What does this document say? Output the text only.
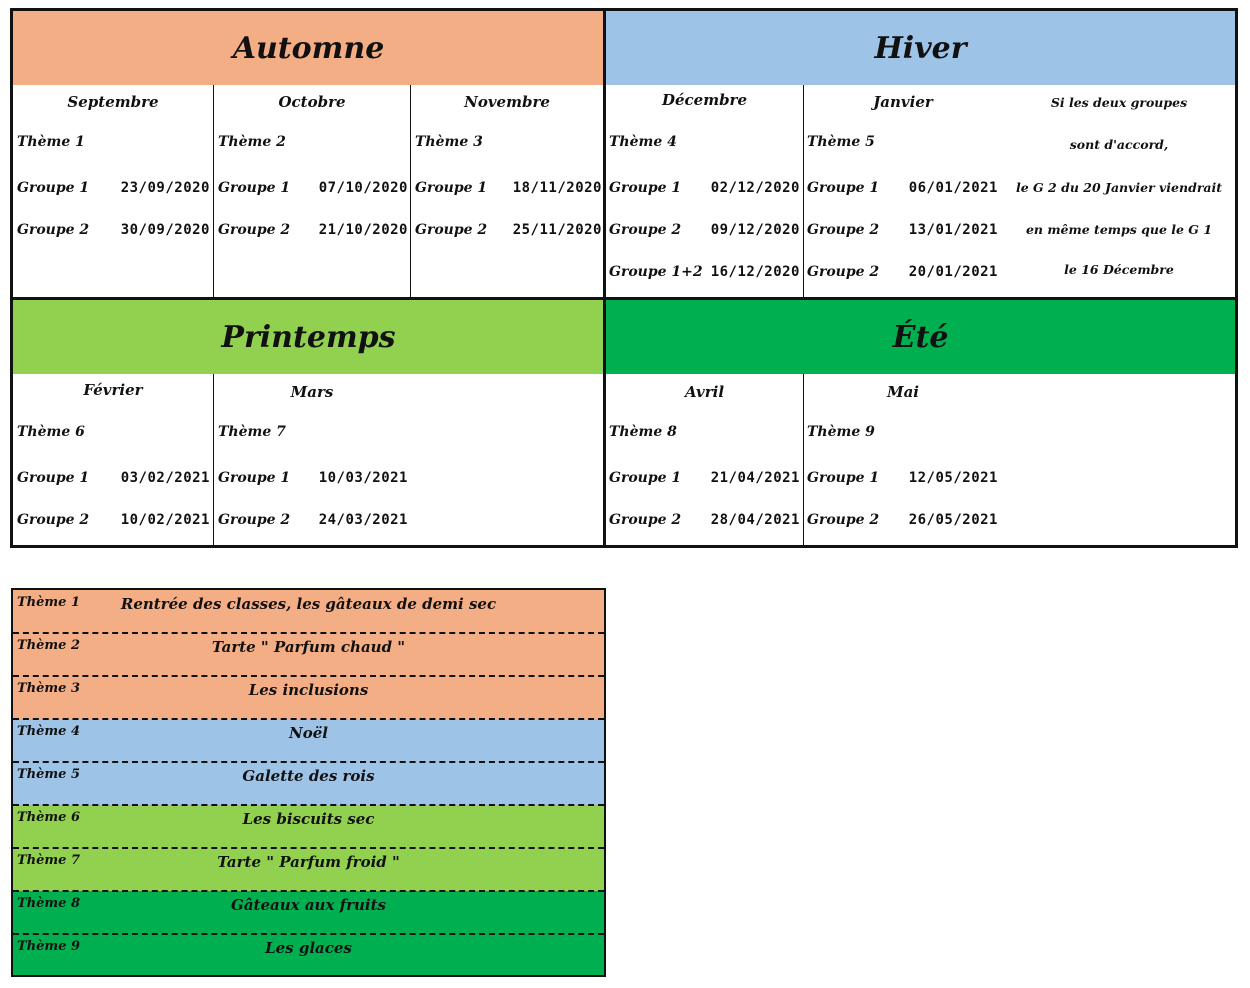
Automne	Hiver
Printemps	Été
Septembre
Thème 1
Groupe 1	23/09/2020
Groupe 2	30/09/2020
Octobre
Thème 2
Groupe 1	07/10/2020
Groupe 2	21/10/2020
Novembre
Thème 3
Groupe 1	18/11/2020
Groupe 2	25/11/2020
Décembre
Thème 4
Groupe 1	02/12/2020
Groupe 2	09/12/2020
Groupe 1+2 16/12/2020
Janvier
Thème 5
Groupe 1	06/01/2021
Groupe 2	13/01/2021
Groupe 2	20/01/2021
Si les deux groupes
sont d'accord,
le G 2 du 20 Janvier viendrait
en même temps que le G 1
le 16 Décembre
Février
Thème 6
Groupe 1	03/02/2021
Groupe 2	10/02/2021
Mars
Thème 7
Groupe 1	10/03/2021
Groupe 2	24/03/2021
Avril
Thème 8
Groupe 1	21/04/2021
Groupe 2	28/04/2021
Mai
Thème 9
Groupe 1	12/05/2021
Groupe 2	26/05/2021
Thème 1	Rentrée des classes, les gâteaux de demi sec
Thème 2	Tarte " Parfum chaud "
Thème 3	Les inclusions
Thème 4	Noël
Thème 5	Galette des rois
Thème 6	Les biscuits sec
Thème 7	Tarte " Parfum froid "
Thème 8	Gâteaux aux fruits
Thème 9	Les glaces
